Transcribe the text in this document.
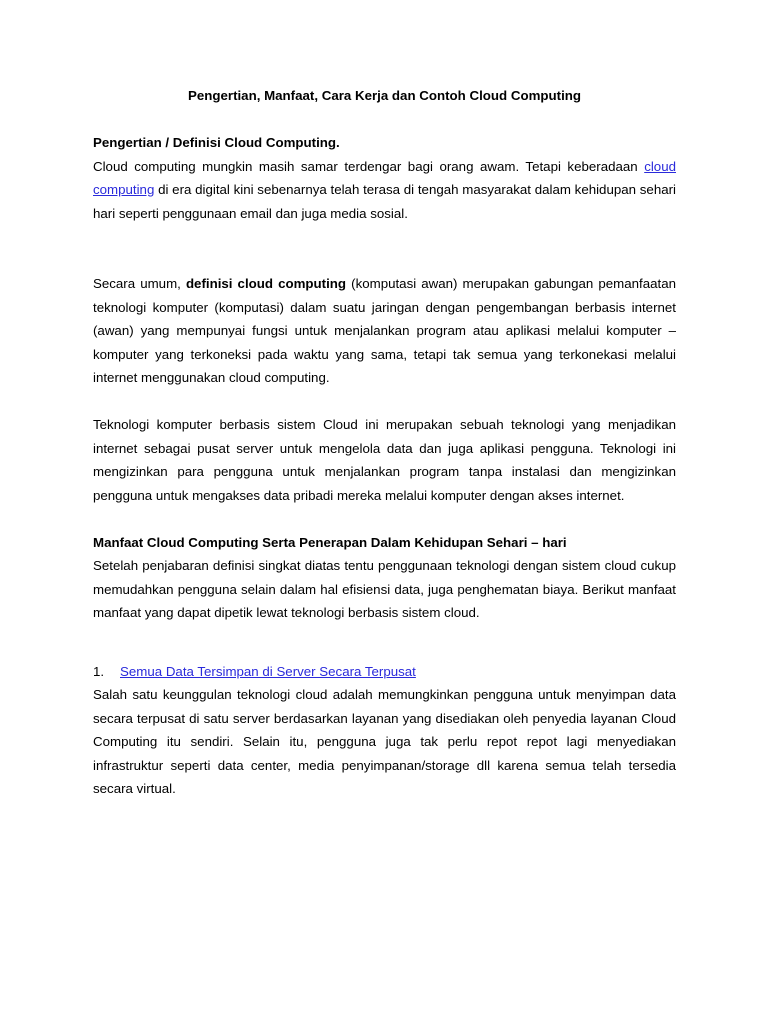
Pengertian, Manfaat, Cara Kerja dan Contoh Cloud Computing

Pengertian / Definisi Cloud Computing.

Cloud computing mungkin masih samar terdengar bagi orang awam. Tetapi keberadaan cloud computing di era digital kini sebenarnya telah terasa di tengah masyarakat dalam kehidupan sehari hari seperti penggunaan email dan juga media sosial.

Secara umum, definisi cloud computing (komputasi awan) merupakan gabungan pemanfaatan teknologi komputer (komputasi) dalam suatu jaringan dengan pengembangan berbasis internet (awan) yang mempunyai fungsi untuk menjalankan program atau aplikasi melalui komputer – komputer yang terkoneksi pada waktu yang sama, tetapi tak semua yang terkonekasi melalui internet menggunakan cloud computing.

Teknologi komputer berbasis sistem Cloud ini merupakan sebuah teknologi yang menjadikan internet sebagai pusat server untuk mengelola data dan juga aplikasi pengguna. Teknologi ini mengizinkan para pengguna untuk menjalankan program tanpa instalasi dan mengizinkan pengguna untuk mengakses data pribadi mereka melalui komputer dengan akses internet.

Manfaat Cloud Computing Serta Penerapan Dalam Kehidupan Sehari – hari

Setelah penjabaran definisi singkat diatas tentu penggunaan teknologi dengan sistem cloud cukup memudahkan pengguna selain dalam hal efisiensi data, juga penghematan biaya. Berikut manfaat manfaat yang dapat dipetik lewat teknologi berbasis sistem cloud.

1. Semua Data Tersimpan di Server Secara Terpusat

Salah satu keunggulan teknologi cloud adalah memungkinkan pengguna untuk menyimpan data secara terpusat di satu server berdasarkan layanan yang disediakan oleh penyedia layanan Cloud Computing itu sendiri. Selain itu, pengguna juga tak perlu repot repot lagi menyediakan infrastruktur seperti data center, media penyimpanan/storage dll karena semua telah tersedia secara virtual.
